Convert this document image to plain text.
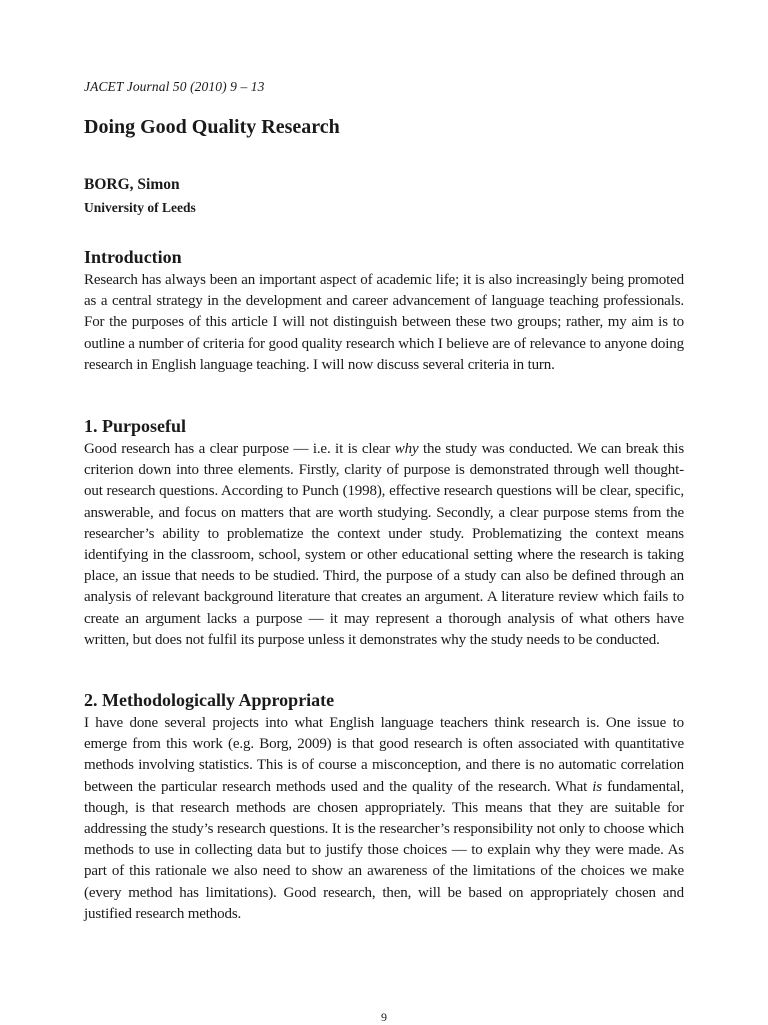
JACET Journal 50 (2010) 9 – 13
Doing Good Quality Research
BORG, Simon
University of Leeds
Introduction

Research has always been an important aspect of academic life; it is also increasingly being promoted as a central strategy in the development and career advancement of language teaching professionals. For the purposes of this article I will not distinguish between these two groups; rather, my aim is to outline a number of criteria for good quality research which I believe are of relevance to anyone doing research in English language teaching. I will now discuss several criteria in turn.

1. Purposeful

Good research has a clear purpose — i.e. it is clear why the study was conducted. We can break this criterion down into three elements. Firstly, clarity of purpose is demonstrated through well thought-out research questions. According to Punch (1998), effective research questions will be clear, specific, answerable, and focus on matters that are worth studying. Secondly, a clear purpose stems from the researcher’s ability to problematize the context under study. Problematizing the context means identifying in the classroom, school, system or other educational setting where the research is taking place, an issue that needs to be studied. Third, the purpose of a study can also be defined through an analysis of relevant background literature that creates an argument. A literature review which fails to create an argument lacks a purpose — it may represent a thorough analysis of what others have written, but does not fulfil its purpose unless it demonstrates why the study needs to be conducted.

2. Methodologically Appropriate

I have done several projects into what English language teachers think research is. One issue to emerge from this work (e.g. Borg, 2009) is that good research is often associated with quantitative methods involving statistics. This is of course a misconception, and there is no automatic correlation between the particular research methods used and the quality of the research. What is fundamental, though, is that research methods are chosen appropriately. This means that they are suitable for addressing the study’s research questions. It is the researcher’s responsibility not only to choose which methods to use in collecting data but to justify those choices — to explain why they were made. As part of this rationale we also need to show an awareness of the limitations of the choices we make (every method has limitations). Good research, then, will be based on appropriately chosen and justified research methods.

9
